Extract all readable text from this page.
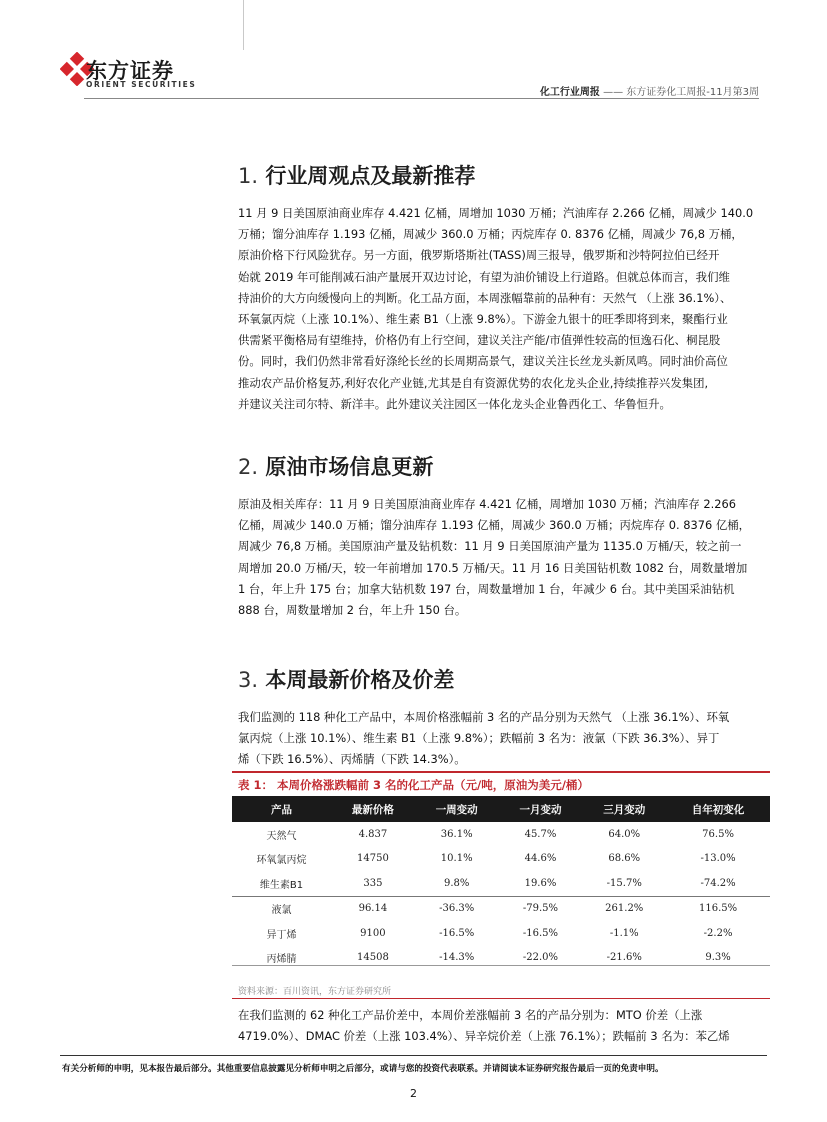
东方证券
ORIENT SECURITIES
化工行业周报 —— 东方证券化工周报-11月第3周
1. 行业周观点及最新推荐
11 月 9 日美国原油商业库存 4.421 亿桶，周增加 1030 万桶；汽油库存 2.266 亿桶，周减少 140.0
万桶；馏分油库存 1.193 亿桶，周减少 360.0 万桶；丙烷库存 0. 8376 亿桶，周减少 76,8 万桶，
原油价格下行风险犹存。另一方面，俄罗斯塔斯社(TASS)周三报导，俄罗斯和沙特阿拉伯已经开
始就 2019 年可能削减石油产量展开双边讨论，有望为油价铺设上行道路。但就总体而言，我们维
持油价的大方向缓慢向上的判断。化工品方面，本周涨幅靠前的品种有：天然气 （上涨 36.1%）、
环氧氯丙烷（上涨 10.1%）、维生素 B1（上涨 9.8%）。下游金九银十的旺季即将到来，聚酯行业
供需紧平衡格局有望维持，价格仍有上行空间，建议关注产能/市值弹性较高的恒逸石化、桐昆股
份。同时，我们仍然非常看好涤纶长丝的长周期高景气，建议关注长丝龙头新凤鸣。同时油价高位
推动农产品价格复苏,利好农化产业链,尤其是自有资源优势的农化龙头企业,持续推荐兴发集团,
并建议关注司尔特、新洋丰。此外建议关注园区一体化龙头企业鲁西化工、华鲁恒升。
2. 原油市场信息更新
原油及相关库存：11 月 9 日美国原油商业库存 4.421 亿桶，周增加 1030 万桶；汽油库存 2.266
亿桶，周减少 140.0 万桶；馏分油库存 1.193 亿桶，周减少 360.0 万桶；丙烷库存 0. 8376 亿桶，
周减少 76,8 万桶。美国原油产量及钻机数：11 月 9 日美国原油产量为 1135.0 万桶/天，较之前一
周增加 20.0 万桶/天，较一年前增加 170.5 万桶/天。11 月 16 日美国钻机数 1082 台，周数量增加
1 台，年上升 175 台；加拿大钻机数 197 台，周数量增加 1 台，年减少 6 台。其中美国采油钻机
888 台，周数量增加 2 台，年上升 150 台。
3. 本周最新价格及价差
我们监测的 118 种化工产品中，本周价格涨幅前 3 名的产品分别为天然气 （上涨 36.1%）、环氧
氯丙烷（上涨 10.1%）、维生素 B1（上涨 9.8%）；跌幅前 3 名为：液氯（下跌 36.3%）、异丁
烯（下跌 16.5%）、丙烯腈（下跌 14.3%）。
表 1： 本周价格涨跌幅前 3 名的化工产品（元/吨，原油为美元/桶）
产品	最新价格	一周变动	一月变动	三月变动	自年初变化
天然气	4.837	36.1%	45.7%	64.0%	76.5%
环氧氯丙烷	14750	10.1%	44.6%	68.6%	-13.0%
维生素B1	335	9.8%	19.6%	-15.7%	-74.2%
液氯	96.14	-36.3%	-79.5%	261.2%	116.5%
异丁烯	9100	-16.5%	-16.5%	-1.1%	-2.2%
丙烯腈	14508	-14.3%	-22.0%	-21.6%	9.3%
资料来源：百川资讯，东方证券研究所
在我们监测的 62 种化工产品价差中，本周价差涨幅前 3 名的产品分别为：MTO 价差（上涨
4719.0%）、DMAC 价差（上涨 103.4%）、异辛烷价差（上涨 76.1%）；跌幅前 3 名为：苯乙烯
有关分析师的申明，见本报告最后部分。其他重要信息披露见分析师申明之后部分，或请与您的投资代表联系。并请阅读本证券研究报告最后一页的免责申明。
2
